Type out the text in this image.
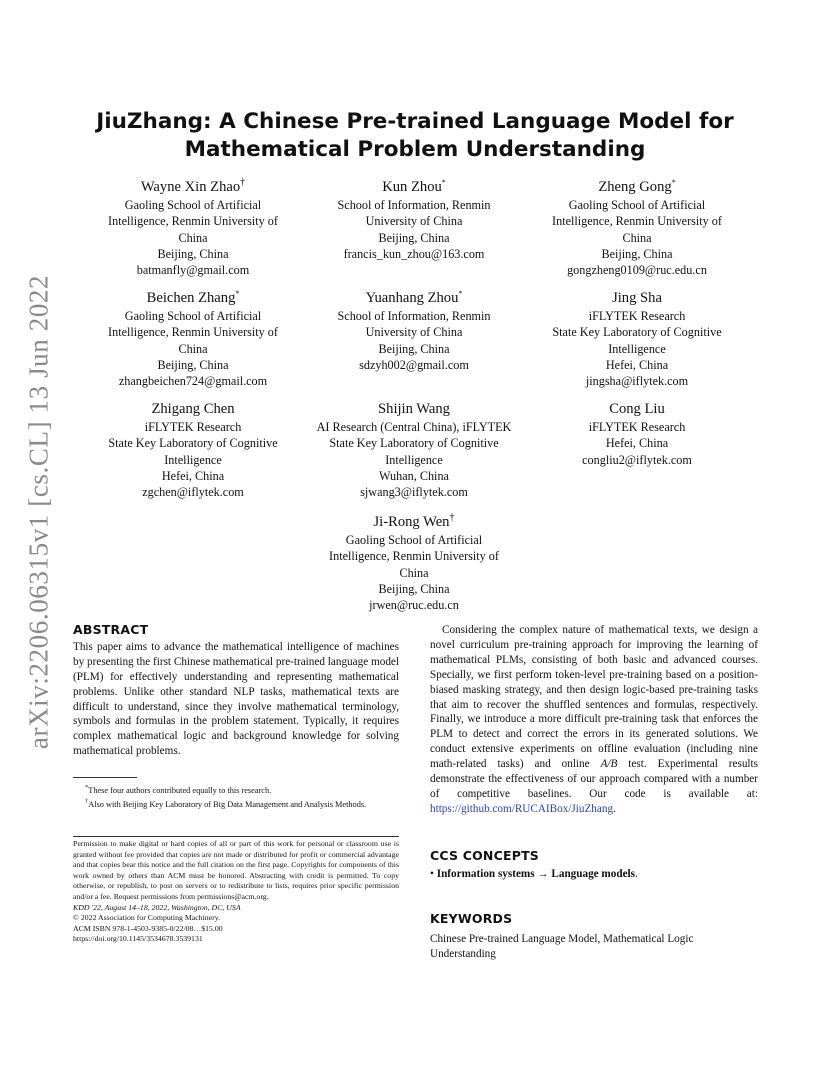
arXiv:2206.06315v1 [cs.CL] 13 Jun 2022
JiuZhang: A Chinese Pre-trained Language Model for
Mathematical Problem Understanding
Wayne Xin Zhao†
Gaoling School of Artificial
Intelligence, Renmin University of
China
Beijing, China
batmanfly@gmail.com
Kun Zhou*
School of Information, Renmin
University of China
Beijing, China
francis_kun_zhou@163.com
Zheng Gong*
Gaoling School of Artificial
Intelligence, Renmin University of
China
Beijing, China
gongzheng0109@ruc.edu.cn
Beichen Zhang*
Gaoling School of Artificial
Intelligence, Renmin University of
China
Beijing, China
zhangbeichen724@gmail.com
Yuanhang Zhou*
School of Information, Renmin
University of China
Beijing, China
sdzyh002@gmail.com
Jing Sha
iFLYTEK Research
State Key Laboratory of Cognitive
Intelligence
Hefei, China
jingsha@iflytek.com
Zhigang Chen
iFLYTEK Research
State Key Laboratory of Cognitive
Intelligence
Hefei, China
zgchen@iflytek.com
Shijin Wang
AI Research (Central China), iFLYTEK
State Key Laboratory of Cognitive
Intelligence
Wuhan, China
sjwang3@iflytek.com
Cong Liu
iFLYTEK Research
Hefei, China
congliu2@iflytek.com
Ji-Rong Wen†
Gaoling School of Artificial
Intelligence, Renmin University of
China
Beijing, China
jrwen@ruc.edu.cn
ABSTRACT
This paper aims to advance the mathematical intelligence of machines by presenting the first Chinese mathematical pre-trained language model (PLM) for effectively understanding and representing mathematical problems. Unlike other standard NLP tasks, mathematical texts are difficult to understand, since they involve mathematical terminology, symbols and formulas in the problem statement. Typically, it requires complex mathematical logic and background knowledge for solving mathematical problems.
*These four authors contributed equally to this research.
†Also with Beijing Key Laboratory of Big Data Management and Analysis Methods.
Permission to make digital or hard copies of all or part of this work for personal or classroom use is granted without fee provided that copies are not made or distributed for profit or commercial advantage and that copies bear this notice and the full citation on the first page. Copyrights for components of this work owned by others than ACM must be honored. Abstracting with credit is permitted. To copy otherwise, or republish, to post on servers or to redistribute to lists, requires prior specific permission and/or a fee. Request permissions from permissions@acm.org.
KDD '22, August 14–18, 2022, Washington, DC, USA
© 2022 Association for Computing Machinery.
ACM ISBN 978-1-4503-9385-0/22/08…$15.00
https://doi.org/10.1145/3534678.3539131
Considering the complex nature of mathematical texts, we design a novel curriculum pre-training approach for improving the learning of mathematical PLMs, consisting of both basic and advanced courses. Specially, we first perform token-level pre-training based on a position-biased masking strategy, and then design logic-based pre-training tasks that aim to recover the shuffled sentences and formulas, respectively. Finally, we introduce a more difficult pre-training task that enforces the PLM to detect and correct the errors in its generated solutions. We conduct extensive experiments on offline evaluation (including nine math-related tasks) and online A/B test. Experimental results demonstrate the effectiveness of our approach compared with a number of competitive baselines. Our code is available at: https://github.com/RUCAIBox/JiuZhang.
CCS CONCEPTS
• Information systems → Language models.
KEYWORDS
Chinese Pre-trained Language Model, Mathematical Logic Understanding
